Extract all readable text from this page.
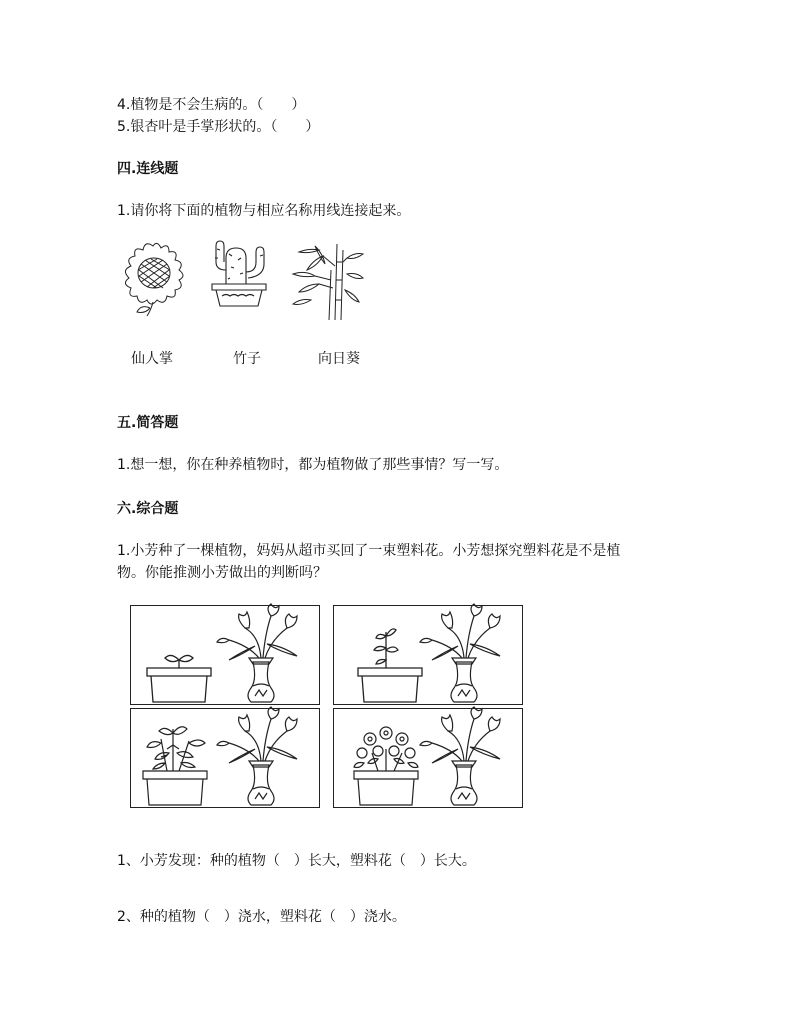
4.植物是不会生病的。（　　）
5.银杏叶是手掌形状的。（　　）
四.连线题
1.请你将下面的植物与相应名称用线连接起来。
仙人掌	竹子	向日葵
五.简答题
1.想一想，你在种养植物时，都为植物做了那些事情？写一写。
六.综合题
1.小芳种了一棵植物，妈妈从超市买回了一束塑料花。小芳想探究塑料花是不是植
物。你能推测小芳做出的判断吗？
1、小芳发现：种的植物（　）长大，塑料花（　）长大。
2、种的植物（　）浇水，塑料花（　）浇水。
